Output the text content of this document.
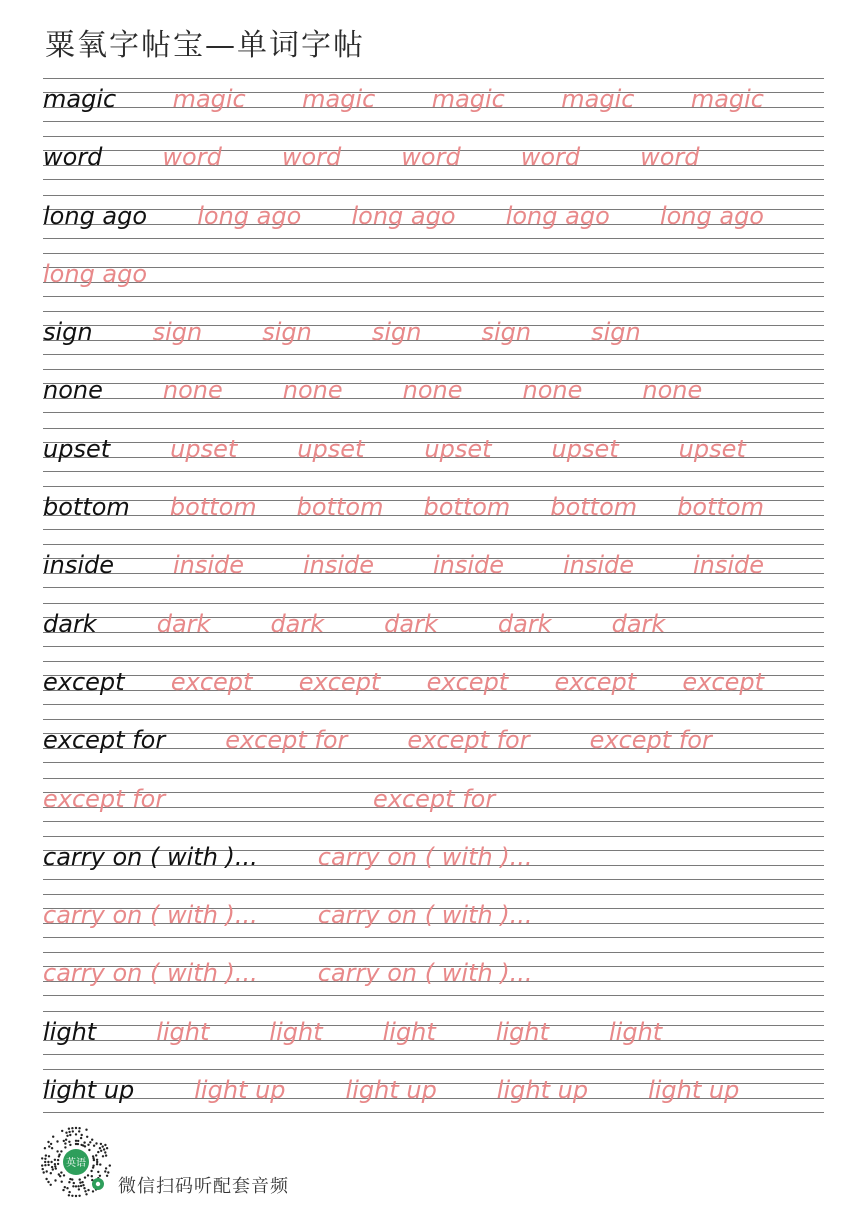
粟氧字帖宝—单词字帖
magic magic magic magic magic magic
word	word	word	word	word	word
long ago long ago long ago long ago long ago
long ago
sign	sign	sign	sign	sign	sign
none	none	none	none	none	none
upset	upset	upset	upset	upset	upset
bottom bottom bottom bottom bottom bottom
inside inside inside inside inside inside
dark	dark	dark	dark	dark	dark
except except except except except except
except for	except for	except for	except for
except for	except for
carry on ( with )...	carry on ( with )...
carry on ( with )...	carry on ( with )...
carry on ( with )...	carry on ( with )...
light	light	light	light	light	light
light up	light up	light up	light up	light up
英语
微信扫码听配套音频
